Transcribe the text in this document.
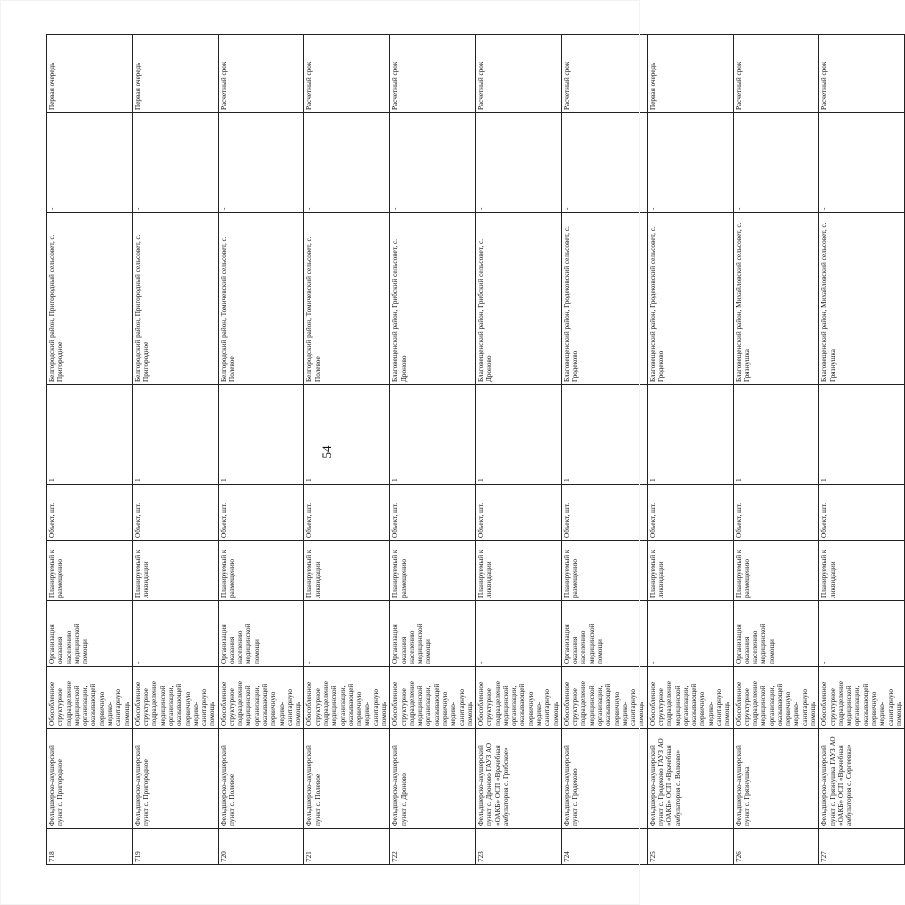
54
718	Фельдшерско-акушерский пункт с. Пригородное	Обособленное структурное подразделение медицинской организации, оказывающей первичную медико-санитарную помощь	Организация оказания населению медицинской помощи	Планируемый к размещению	Объект, шт.	1	Белгородский район, Пригородный сельсовет, с. Пригородное	-	Первая очередь
719	Фельдшерско-акушерский пункт с. Пригородное	Обособленное структурное подразделение медицинской организации, оказывающей первичную медико-санитарную помощь	-	Планируемый к ликвидации	Объект, шт.	1	Белгородский район, Пригородный сельсовет, с. Пригородное	-	Первая очередь
720	Фельдшерско-акушерский пункт с. Полевое	Обособленное структурное подразделение медицинской организации, оказывающей первичную медико-санитарную помощь	Организация оказания населению медицинской помощи	Планируемый к размещению	Объект, шт.	1	Белгородский район, Томичевский сельсовет, с. Полевое	-	Расчетный срок
721	Фельдшерско-акушерский пункт с. Полевое	Обособленное структурное подразделение медицинской организации, оказывающей первичную медико-санитарную помощь	-	Планируемый к ликвидации	Объект, шт.	1	Белгородский район, Томичевский сельсовет, с. Полевое	-	Расчетный срок
722	Фельдшерско-акушерский пункт с. Дроново	Обособленное структурное подразделение медицинской организации, оказывающей первичную медико-санитарную помощь	Организация оказания населению медицинской помощи	Планируемый к размещению	Объект, шт.	1	Благовещенский район, Грибский сельсовет, с. Дроново	-	Расчетный срок
723	Фельдшерско-акушерский пункт с. Дроново ГАУЗ АО «ОАКБ» ОСП «Врачебная амбулатория с. Грибское»	Обособленное структурное подразделение медицинской организации, оказывающей первичную медико-санитарную помощь	-	Планируемый к ликвидации	Объект, шт.	1	Благовещенский район, Грибский сельсовет, с. Дроново	-	Расчетный срок
724	Фельдшерско-акушерский пункт с. Гродеково	Обособленное структурное подразделение медицинской организации, оказывающей первичную медико-санитарную помощь	Организация оказания населению медицинской помощи	Планируемый к размещению	Объект, шт.	1	Благовещенский район, Гродековский сельсовет, с. Гродеково	-	Расчетный срок
725	Фельдшерско-акушерский пункт с. Гродеково ГАУЗ АО «ОАКБ» ОСП «Врачебная амбулатория с. Волково»	Обособленное структурное подразделение медицинской организации, оказывающей первичную медико-санитарную помощь	-	Планируемый к ликвидации	Объект, шт.	1	Благовещенский район, Гродековский сельсовет, с. Гродеково	-	Первая очередь
726	Фельдшерско-акушерский пункт с. Грязнушка	Обособленное структурное подразделение медицинской организации, оказывающей первичную медико-санитарную помощь	Организация оказания населению медицинской помощи	Планируемый к размещению	Объект, шт.	1	Благовещенский район, Михайловский сельсовет, с. Грязнушка	-	Расчетный срок
727	Фельдшерско-акушерский пункт с. Грязнушка ГАУЗ АО «ОАКБ» ОСП «Врачебная амбулатория с. Сергеевка»	Обособленное структурное подразделение медицинской организации, оказывающей первичную медико-санитарную помощь	-	Планируемый к ликвидации	Объект, шт.	1	Благовещенский район, Михайловский сельсовет, с. Грязнушка	-	Расчетный срок
